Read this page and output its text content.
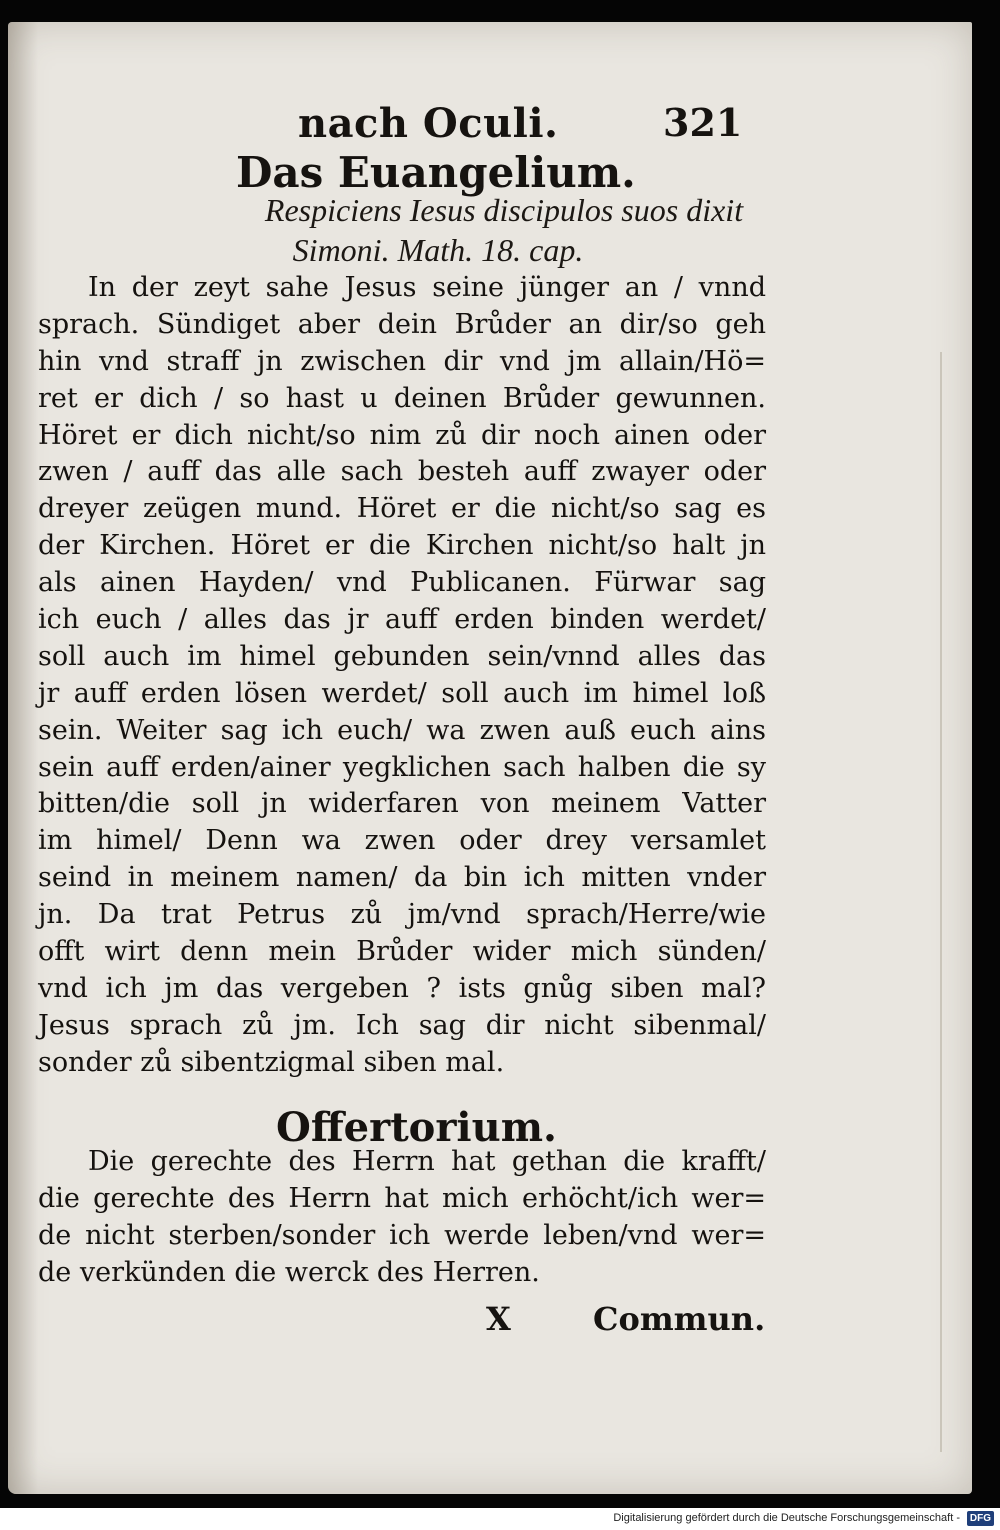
nach Oculi.	321
Das Euangelium.
Respiciens Iesus discipulos suos dixit
Simoni. Math. 18. cap.
In der zeyt sahe Jesus seine jünger an / vnnd
sprach. Sündiget aber dein Brůder an dir/so geh
hin vnd straff jn zwischen dir vnd jm allain/Hö=
ret er dich / so hast u deinen Brůder gewunnen.
Höret er dich nicht/so nim zů dir noch ainen oder
zwen / auff das alle sach besteh auff zwayer oder
dreyer zeügen mund. Höret er die nicht/so sag es
der Kirchen. Höret er die Kirchen nicht/so halt jn
als ainen Hayden/ vnd Publicanen. Fürwar sag
ich euch / alles das jr auff erden binden werdet/
soll auch im himel gebunden sein/vnnd alles das
jr auff erden lösen werdet/ soll auch im himel loß
sein. Weiter sag ich euch/ wa zwen auß euch ains
sein auff erden/ainer yegklichen sach halben die sy
bitten/die soll jn widerfaren von meinem Vatter
im himel/ Denn wa zwen oder drey versamlet
seind in meinem namen/ da bin ich mitten vnder
jn. Da trat Petrus zů jm/vnd sprach/Herre/wie
offt wirt denn mein Brůder wider mich sünden/
vnd ich jm das vergeben ? ists gnůg siben mal?
Jesus sprach zů jm. Ich sag dir nicht sibenmal/
sonder zů sibentzigmal siben mal.
Offertorium.
Die gerechte des Herrn hat gethan die krafft/
die gerechte des Herrn hat mich erhöcht/ich wer=
de nicht sterben/sonder ich werde leben/vnd wer=
de verkünden die werck des Herren.
X	Commun.
Digitalisierung gefördert durch die Deutsche Forschungsgemeinschaft - DFG
